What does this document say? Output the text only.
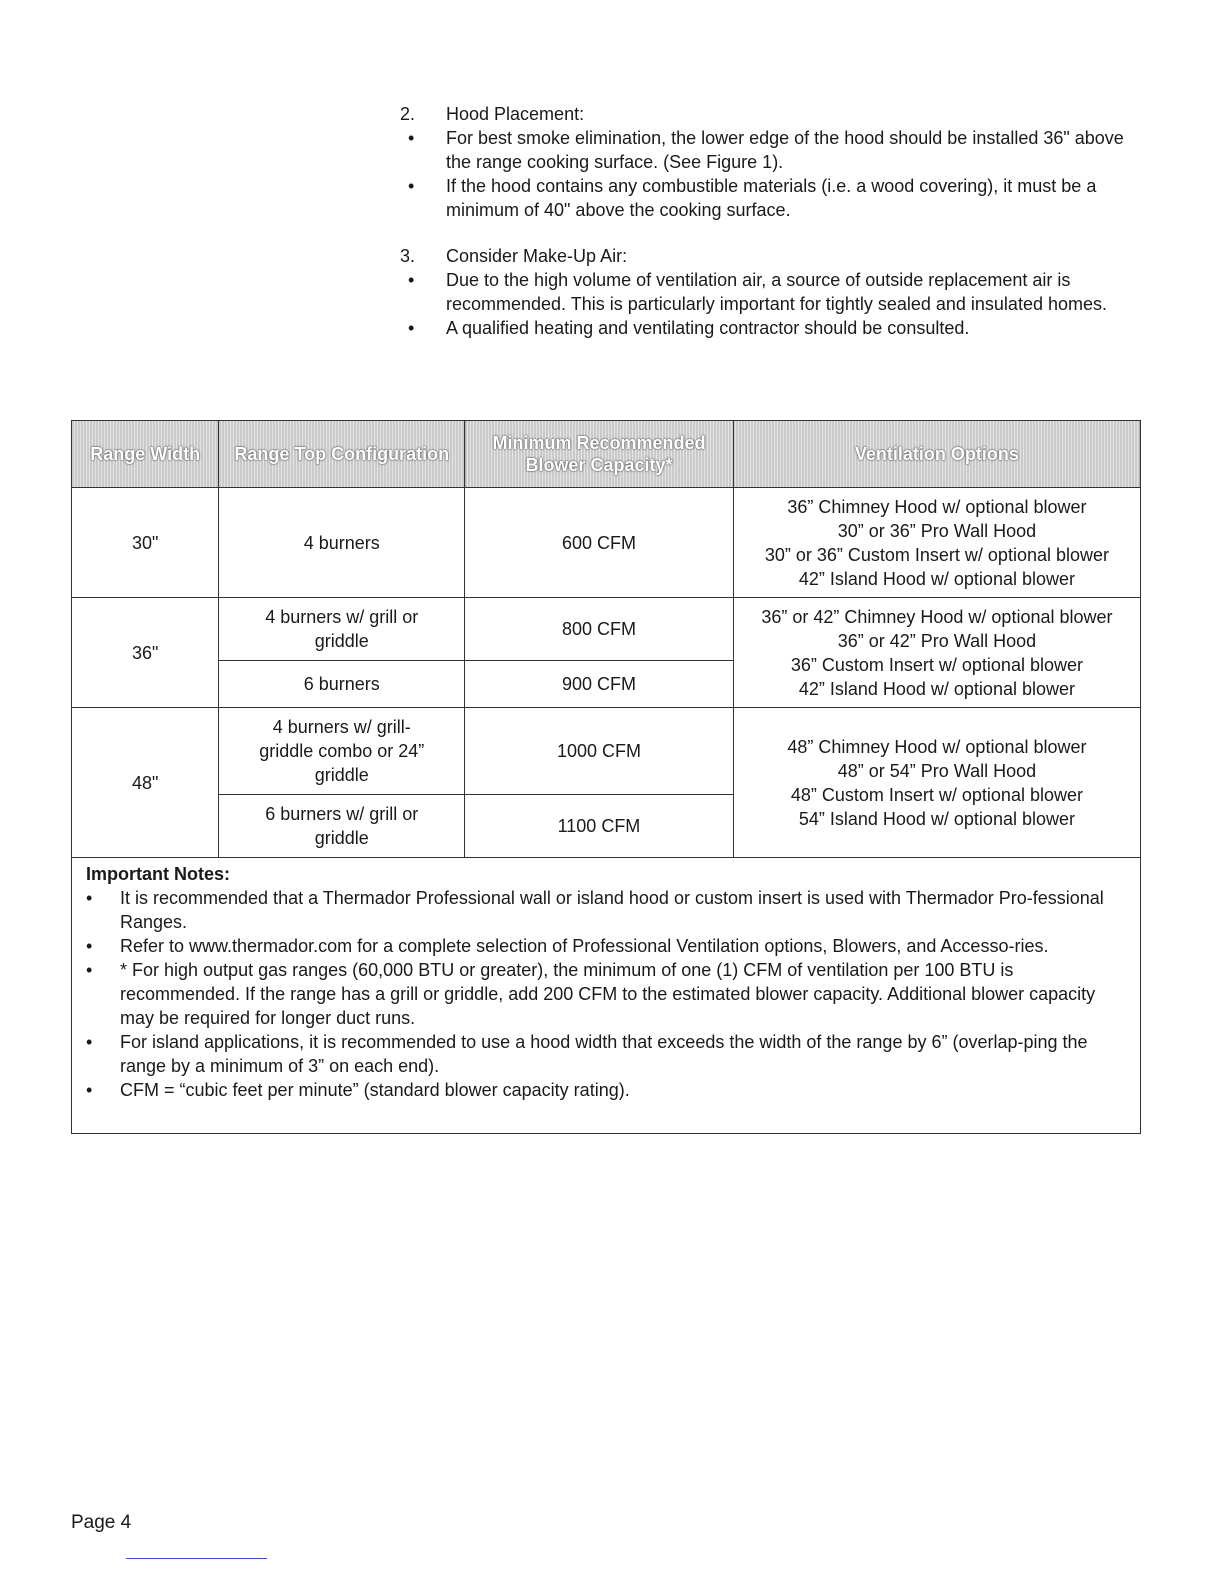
2.	Hood Placement:
•	For best smoke elimination, the lower edge of the hood should be installed 36" above the range cooking surface. (See Figure 1).
•	If the hood contains any combustible materials (i.e. a wood covering), it must be a minimum of 40" above the cooking surface.
3.	Consider Make-Up Air:
•	Due to the high volume of ventilation air, a source of outside replacement air is recommended. This is particularly important for tightly sealed and insulated homes.
•	A qualified heating and ventilating contractor should be consulted.
Range Width	Range Top Configuration	Minimum Recommended Blower Capacity*	Ventilation Options
30"	4 burners	600 CFM	36” Chimney Hood w/ optional blower
30” or 36” Pro Wall Hood
30” or 36” Custom Insert w/ optional blower
42” Island Hood w/ optional blower

36"	4 burners w/ grill or griddle	800 CFM	36” or 42” Chimney Hood w/ optional blower
36” or 42” Pro Wall Hood
36” Custom Insert w/ optional blower
42” Island Hood w/ optional blower

	6 burners	900 CFM	
48"	4 burners w/ grill-griddle combo or 24” griddle	1000 CFM	48” Chimney Hood w/ optional blower
48” or 54” Pro Wall Hood
48” Custom Insert w/ optional blower
54” Island Hood w/ optional blower

	6 burners w/ grill or griddle	1100 CFM	
Important Notes:
•	It is recommended that a Thermador Professional wall or island hood or custom insert is used with Thermador Pro-fessional Ranges.
•	Refer to www.thermador.com for a complete selection of Professional Ventilation options, Blowers, and Accesso-ries.
•	* For high output gas ranges (60,000 BTU or greater), the minimum of one (1) CFM of ventilation per 100 BTU is recommended. If the range has a grill or griddle, add 200 CFM to the estimated blower capacity. Additional blower capacity may be required for longer duct runs.
•	For island applications, it is recommended to use a hood width that exceeds the width of the range by 6” (overlap-ping the range by a minimum of 3” on each end).
•	CFM = “cubic feet per minute” (standard blower capacity rating).
Page 4
